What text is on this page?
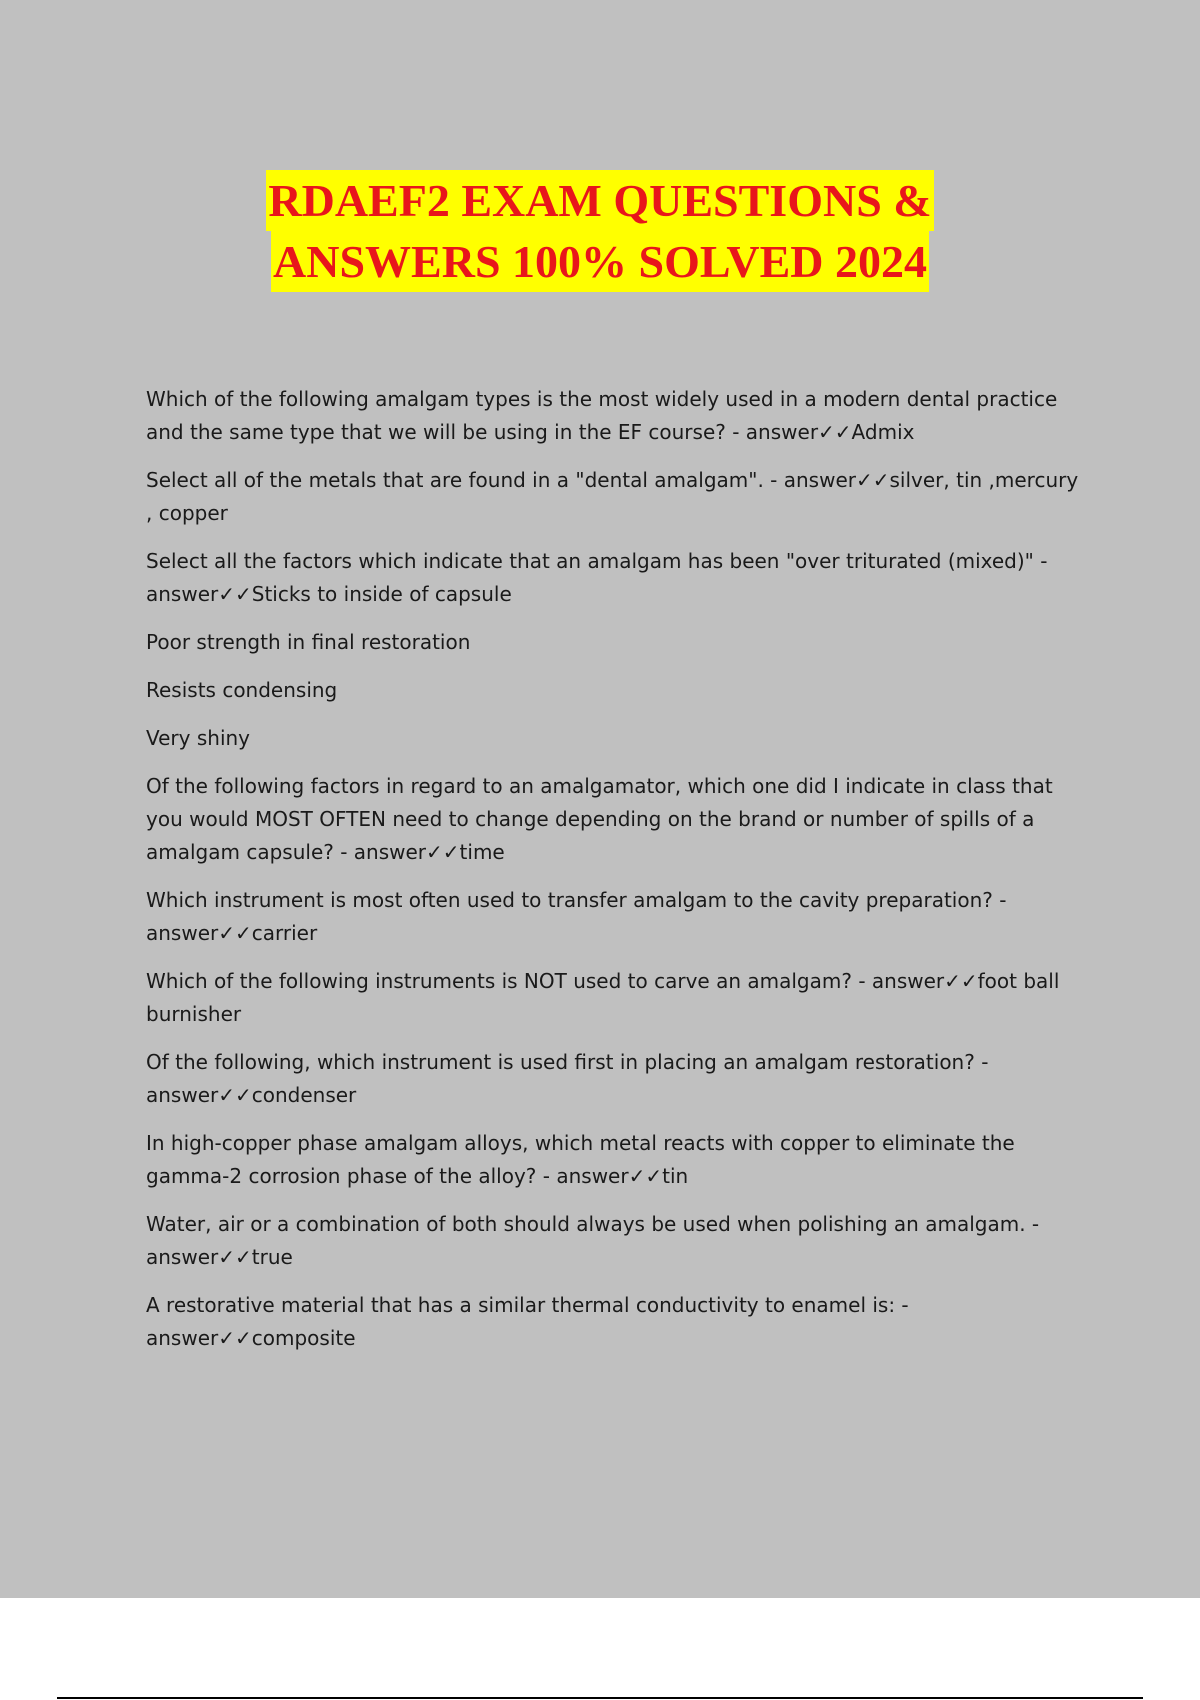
RDAEF2 EXAM QUESTIONS &
ANSWERS 100% SOLVED 2024

Which of the following amalgam types is the most widely used in a modern dental practice and the same type that we will be using in the EF course? - answer✓✓Admix

Select all of the metals that are found in a "dental amalgam". - answer✓✓silver, tin ,mercury , copper

Select all the factors which indicate that an amalgam has been "over triturated (mixed)" - answer✓✓Sticks to inside of capsule

Poor strength in final restoration

Resists condensing

Very shiny

Of the following factors in regard to an amalgamator, which one did I indicate in class that you would MOST OFTEN need to change depending on the brand or number of spills of a amalgam capsule? - answer✓✓time

Which instrument is most often used to transfer amalgam to the cavity preparation? - answer✓✓carrier

Which of the following instruments is NOT used to carve an amalgam? - answer✓✓foot ball burnisher

Of the following, which instrument is used first in placing an amalgam restoration? - answer✓✓condenser

In high-copper phase amalgam alloys, which metal reacts with copper to eliminate the gamma-2 corrosion phase of the alloy? - answer✓✓tin

Water, air or a combination of both should always be used when polishing an amalgam. - answer✓✓true

A restorative material that has a similar thermal conductivity to enamel is: - answer✓✓composite
